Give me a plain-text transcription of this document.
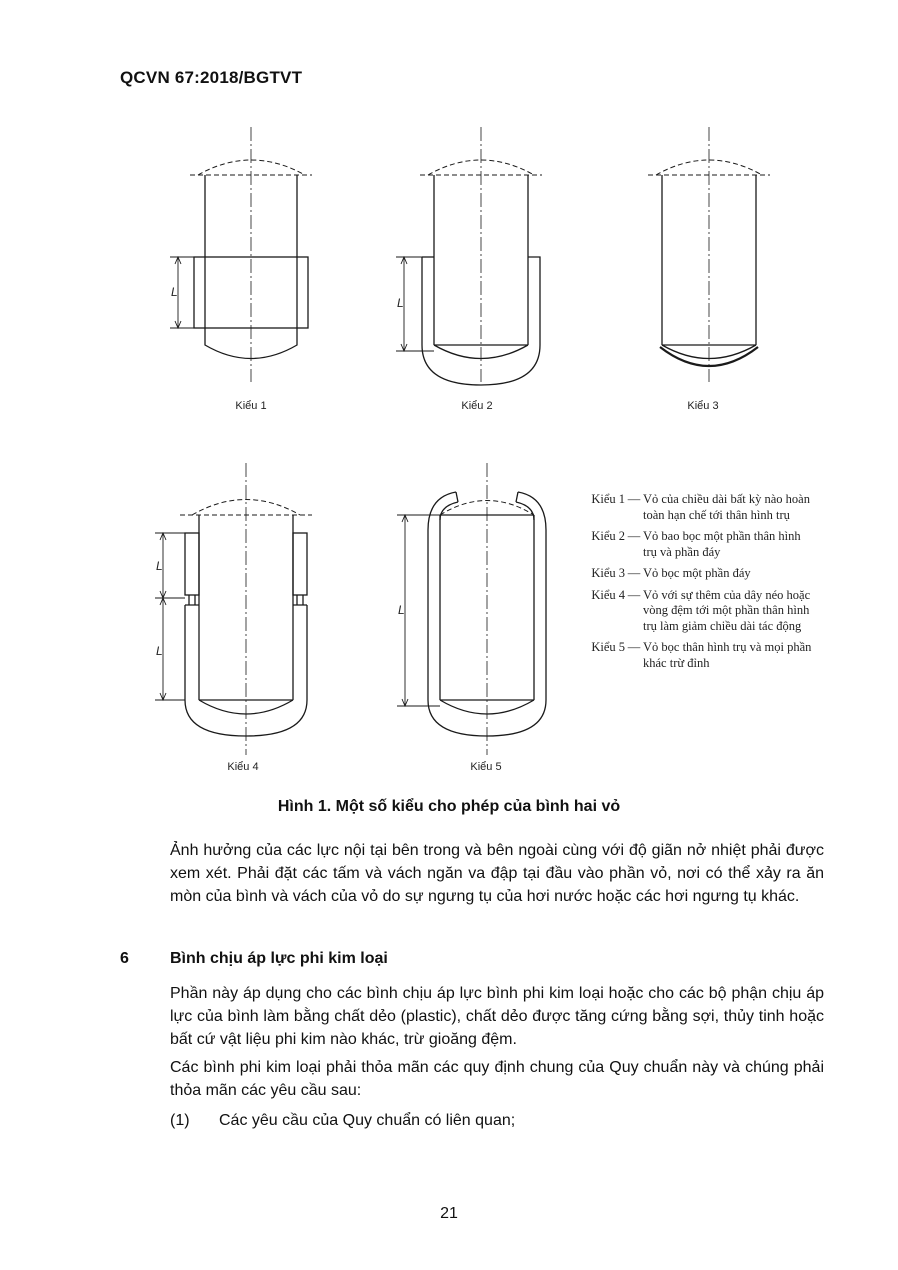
QCVN 67:2018/BGTVT
L
L
L
L
L
Kiểu 1	Kiểu 2	Kiểu 3
Kiểu 4	Kiểu 5
Kiểu 1 — Vỏ của chiều dài bất kỳ nào hoàn toàn hạn chế tới thân hình trụ
Kiểu 2 — Vỏ bao bọc một phần thân hình trụ và phần đáy
Kiểu 3 — Vỏ bọc một phần đáy
Kiểu 4 — Vỏ với sự thêm của dây néo hoặc vòng đệm tới một phần thân hình trụ làm giảm chiều dài tác động
Kiểu 5 — Vỏ bọc thân hình trụ và mọi phần khác trừ đỉnh
Hình 1. Một số kiểu cho phép của bình hai vỏ
Ảnh hưởng của các lực nội tại bên trong và bên ngoài cùng với độ giãn nở nhiệt phải được xem xét. Phải đặt các tấm và vách ngăn va đập tại đầu vào phần vỏ, nơi có thể xảy ra ăn mòn của bình và vách của vỏ do sự ngưng tụ của hơi nước hoặc các hơi ngưng tụ khác.
6	Bình chịu áp lực phi kim loại
Phần này áp dụng cho các bình chịu áp lực bình phi kim loại hoặc cho các bộ phận chịu áp lực của bình làm bằng chất dẻo (plastic), chất dẻo được tăng cứng bằng sợi, thủy tinh hoặc bất cứ vật liệu phi kim nào khác, trừ gioăng đệm.
Các bình phi kim loại phải thỏa mãn các quy định chung của Quy chuẩn này và chúng phải thỏa mãn các yêu cầu sau:
(1) Các yêu cầu của Quy chuẩn có liên quan;
21
